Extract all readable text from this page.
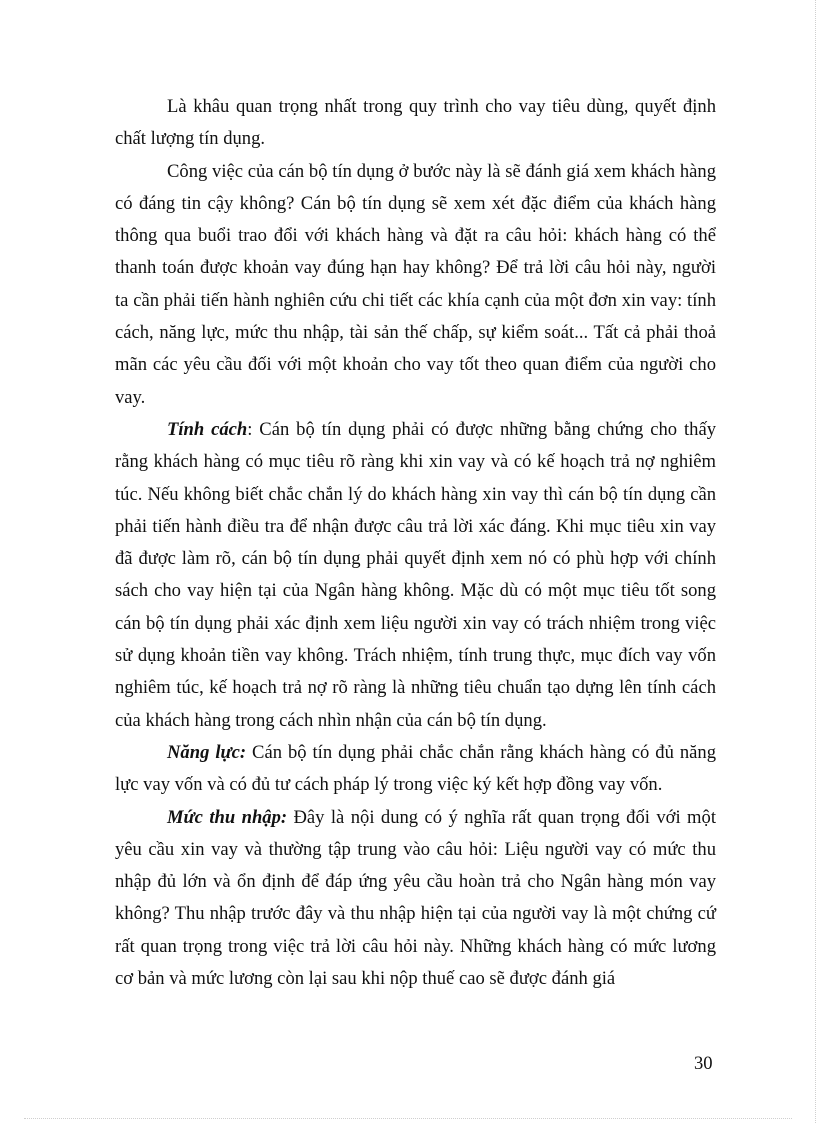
Là khâu quan trọng nhất trong quy trình cho vay tiêu dùng, quyết định chất lượng tín dụng.

Công việc của cán bộ tín dụng ở bước này là sẽ đánh giá xem khách hàng có đáng tin cậy không? Cán bộ tín dụng sẽ xem xét đặc điểm của khách hàng thông qua buổi trao đổi với khách hàng và đặt ra câu hỏi: khách hàng có thể thanh toán được khoản vay đúng hạn hay không? Để trả lời câu hỏi này, người ta cần phải tiến hành nghiên cứu chi tiết các khía cạnh của một đơn xin vay: tính cách, năng lực, mức thu nhập, tài sản thế chấp, sự kiểm soát... Tất cả phải thoả mãn các yêu cầu đối với một khoản cho vay tốt theo quan điểm của người cho vay.

Tính cách: Cán bộ tín dụng phải có được những bằng chứng cho thấy rằng khách hàng có mục tiêu rõ ràng khi xin vay và có kế hoạch trả nợ nghiêm túc. Nếu không biết chắc chắn lý do khách hàng xin vay thì cán bộ tín dụng cần phải tiến hành điều tra để nhận được câu trả lời xác đáng. Khi mục tiêu xin vay đã được làm rõ, cán bộ tín dụng phải quyết định xem nó có phù hợp với chính sách cho vay hiện tại của Ngân hàng không. Mặc dù có một mục tiêu tốt song cán bộ tín dụng phải xác định xem liệu người xin vay có trách nhiệm trong việc sử dụng khoản tiền vay không. Trách nhiệm, tính trung thực, mục đích vay vốn nghiêm túc, kế hoạch trả nợ rõ ràng là những tiêu chuẩn tạo dựng lên tính cách của khách hàng trong cách nhìn nhận của cán bộ tín dụng.

Năng lực: Cán bộ tín dụng phải chắc chắn rằng khách hàng có đủ năng lực vay vốn và có đủ tư cách pháp lý trong việc ký kết hợp đồng vay vốn.

Mức thu nhập: Đây là nội dung có ý nghĩa rất quan trọng đối với một yêu cầu xin vay và thường tập trung vào câu hỏi: Liệu người vay có mức thu nhập đủ lớn và ổn định để đáp ứng yêu cầu hoàn trả cho Ngân hàng món vay không? Thu nhập trước đây và thu nhập hiện tại của người vay là một chứng cứ rất quan trọng trong việc trả lời câu hỏi này. Những khách hàng có mức lương cơ bản và mức lương còn lại sau khi nộp thuế cao sẽ được đánh giá

30
